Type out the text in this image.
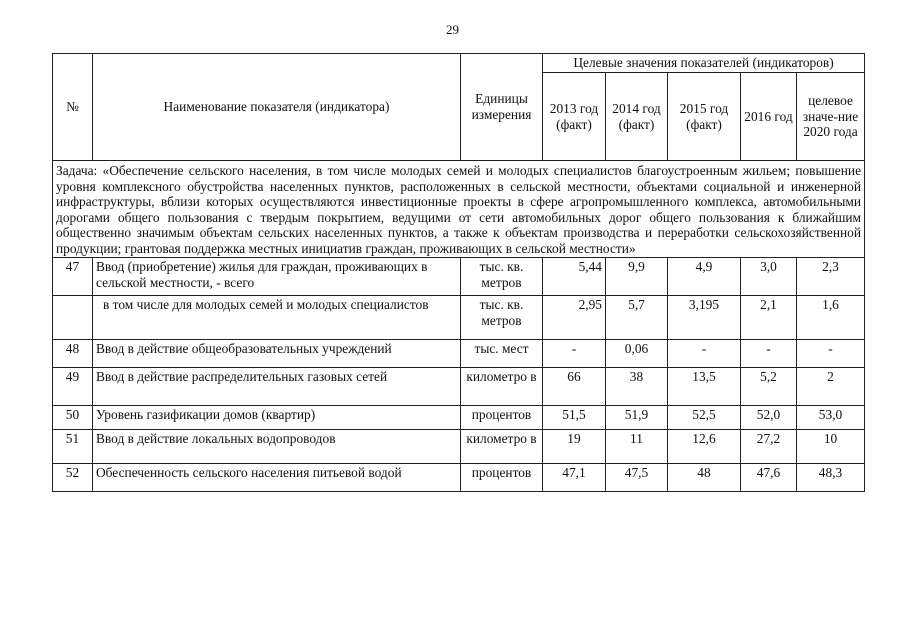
29
№	Наименование показателя (индикатора)	Единицы измерения	Целевые значения показателей (индикаторов)				
			2013 год (факт)	2014 год (факт)	2015 год (факт)	2016 год	целевое значе-ние 2020 года
Задача: «Обеспечение сельского населения, в том числе молодых семей и молодых специалистов благоустроенным жильем; повышение уровня комплексного обустройства населенных пунктов, расположенных в сельской местности, объектами социальной и инженерной инфраструктуры, вблизи которых осуществляются инвестиционные проекты в сфере агропромышленного комплекса, автомобильными дорогами общего пользования с твердым покрытием, ведущими от сети автомобильных дорог общего пользования к ближайшим общественно значимым объектам сельских населенных пунктов, а также к объектам производства и переработки сельскохозяйственной продукции; грантовая поддержка местных инициатив граждан, проживающих в сельской местности»							
47	Ввод (приобретение) жилья для граждан, проживающих в сельской местности, - всего	тыс. кв. метров	5,44	9,9	4,9	3,0	2,3
	в том числе для молодых семей и молодых специалистов	тыс. кв. метров	2,95	5,7	3,195	2,1	1,6
48	Ввод в действие общеобразовательных учреждений	тыс. мест	-	0,06	-	-	-
49	Ввод в действие распределительных газовых сетей	километро в	66	38	13,5	5,2	2
50	Уровень газификации домов (квартир)	процентов	51,5	51,9	52,5	52,0	53,0
51	Ввод в действие локальных водопроводов	километро в	19	11	12,6	27,2	10
52	Обеспеченность сельского населения питьевой водой	процентов	47,1	47,5	48	47,6	48,3
